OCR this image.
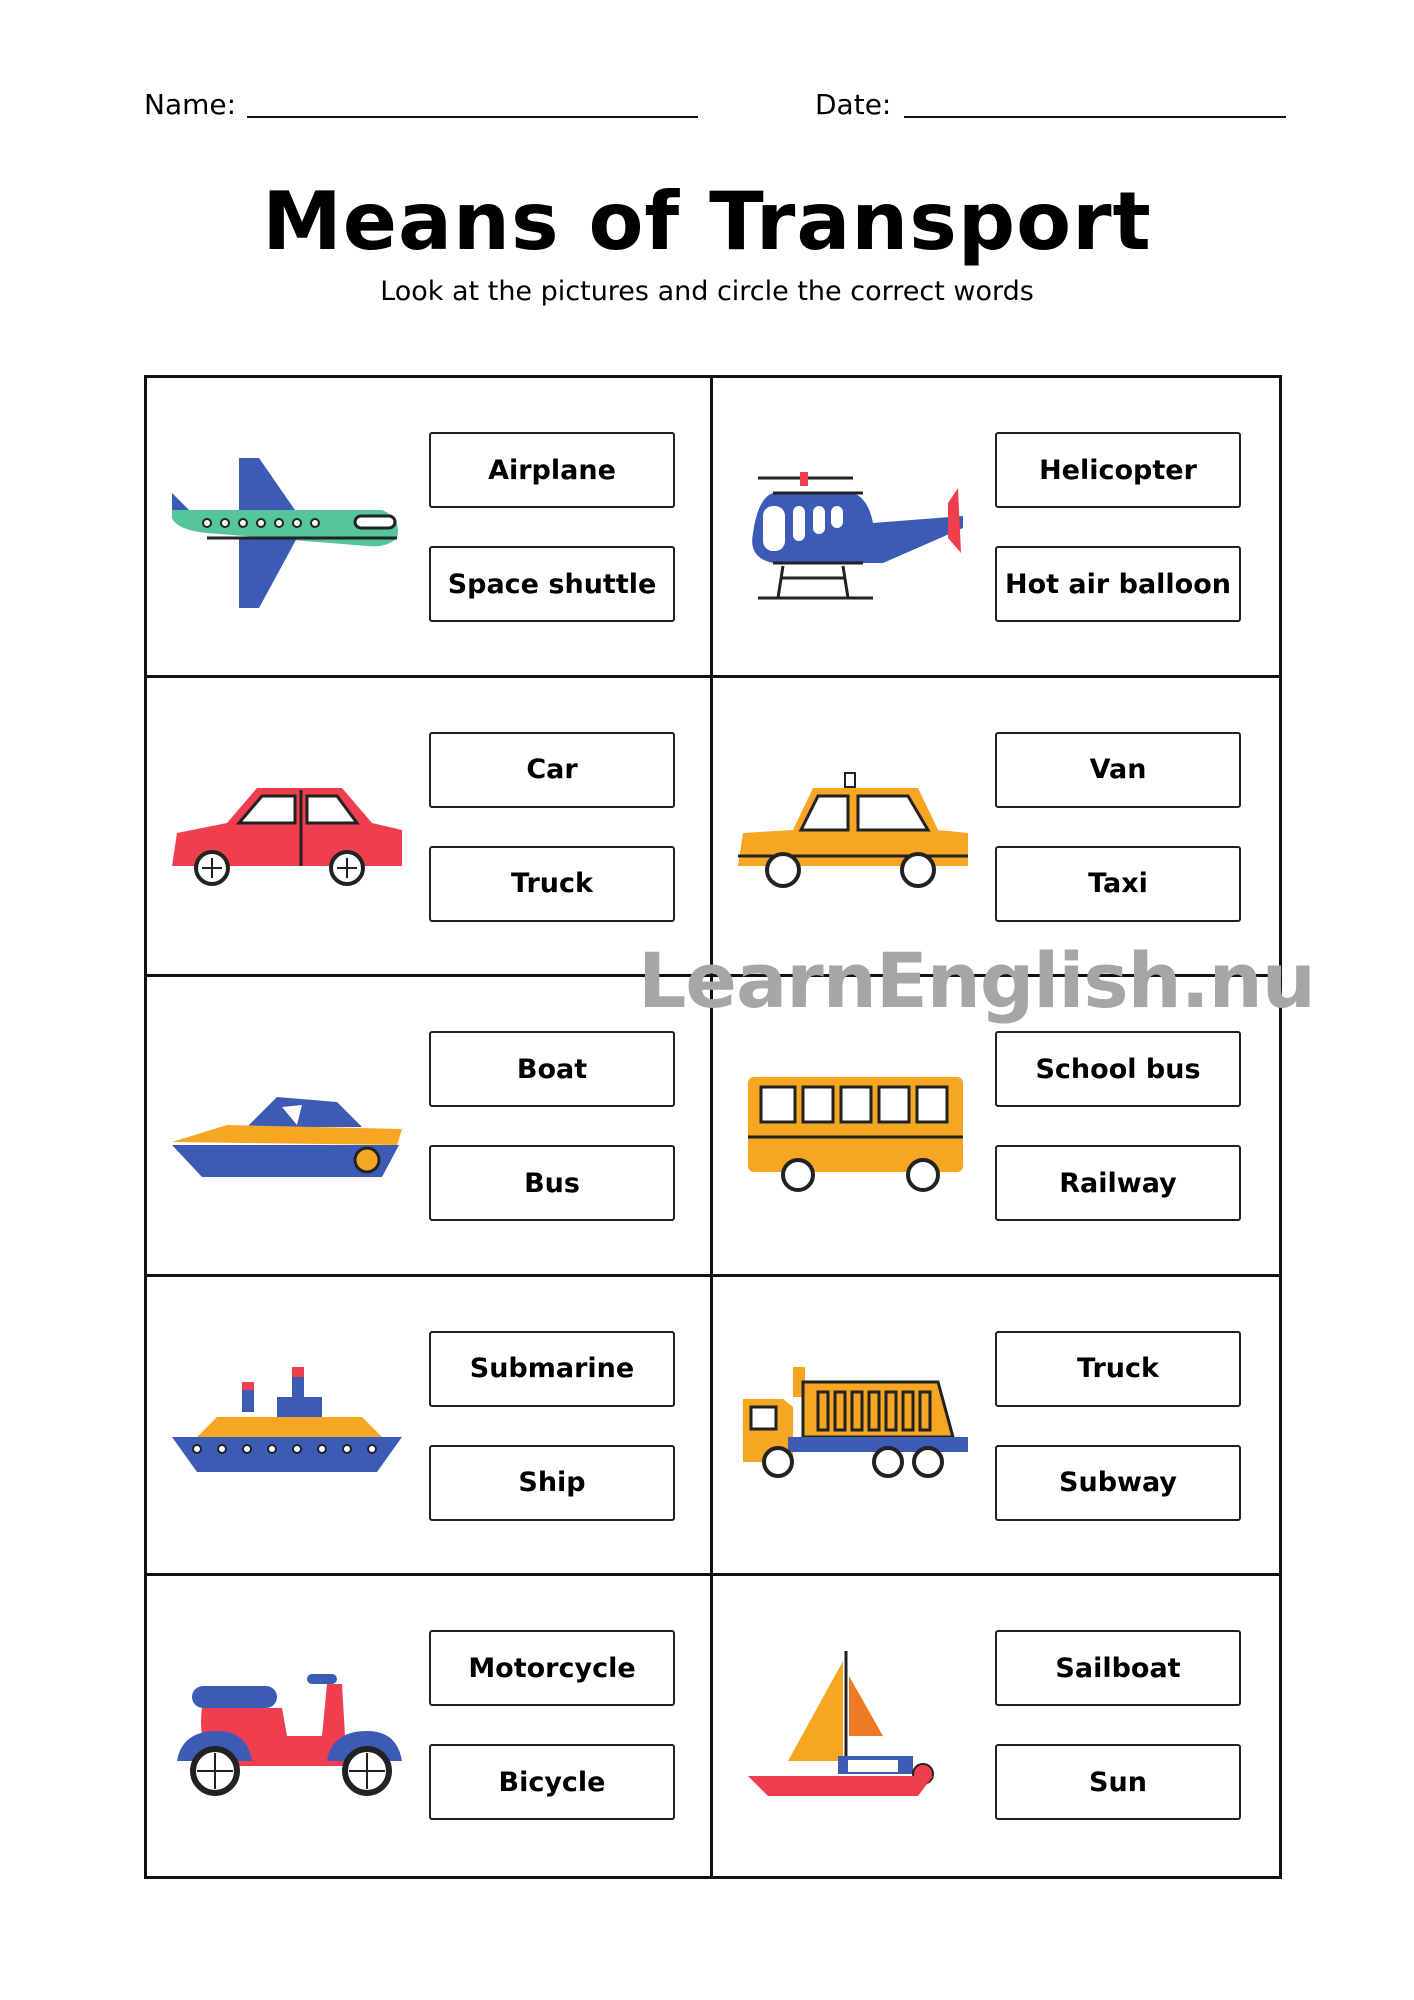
Name:	Date:
Means of Transport
Look at the pictures and circle the correct words
Airplane
Space shuttle
Helicopter
Hot air balloon
Car
Truck
Van
Taxi
Boat
Bus
School bus
Railway
Submarine
Ship
Truck
Subway
Motorcycle
Bicycle
Sailboat
Sun
LearnEnglish.nu
